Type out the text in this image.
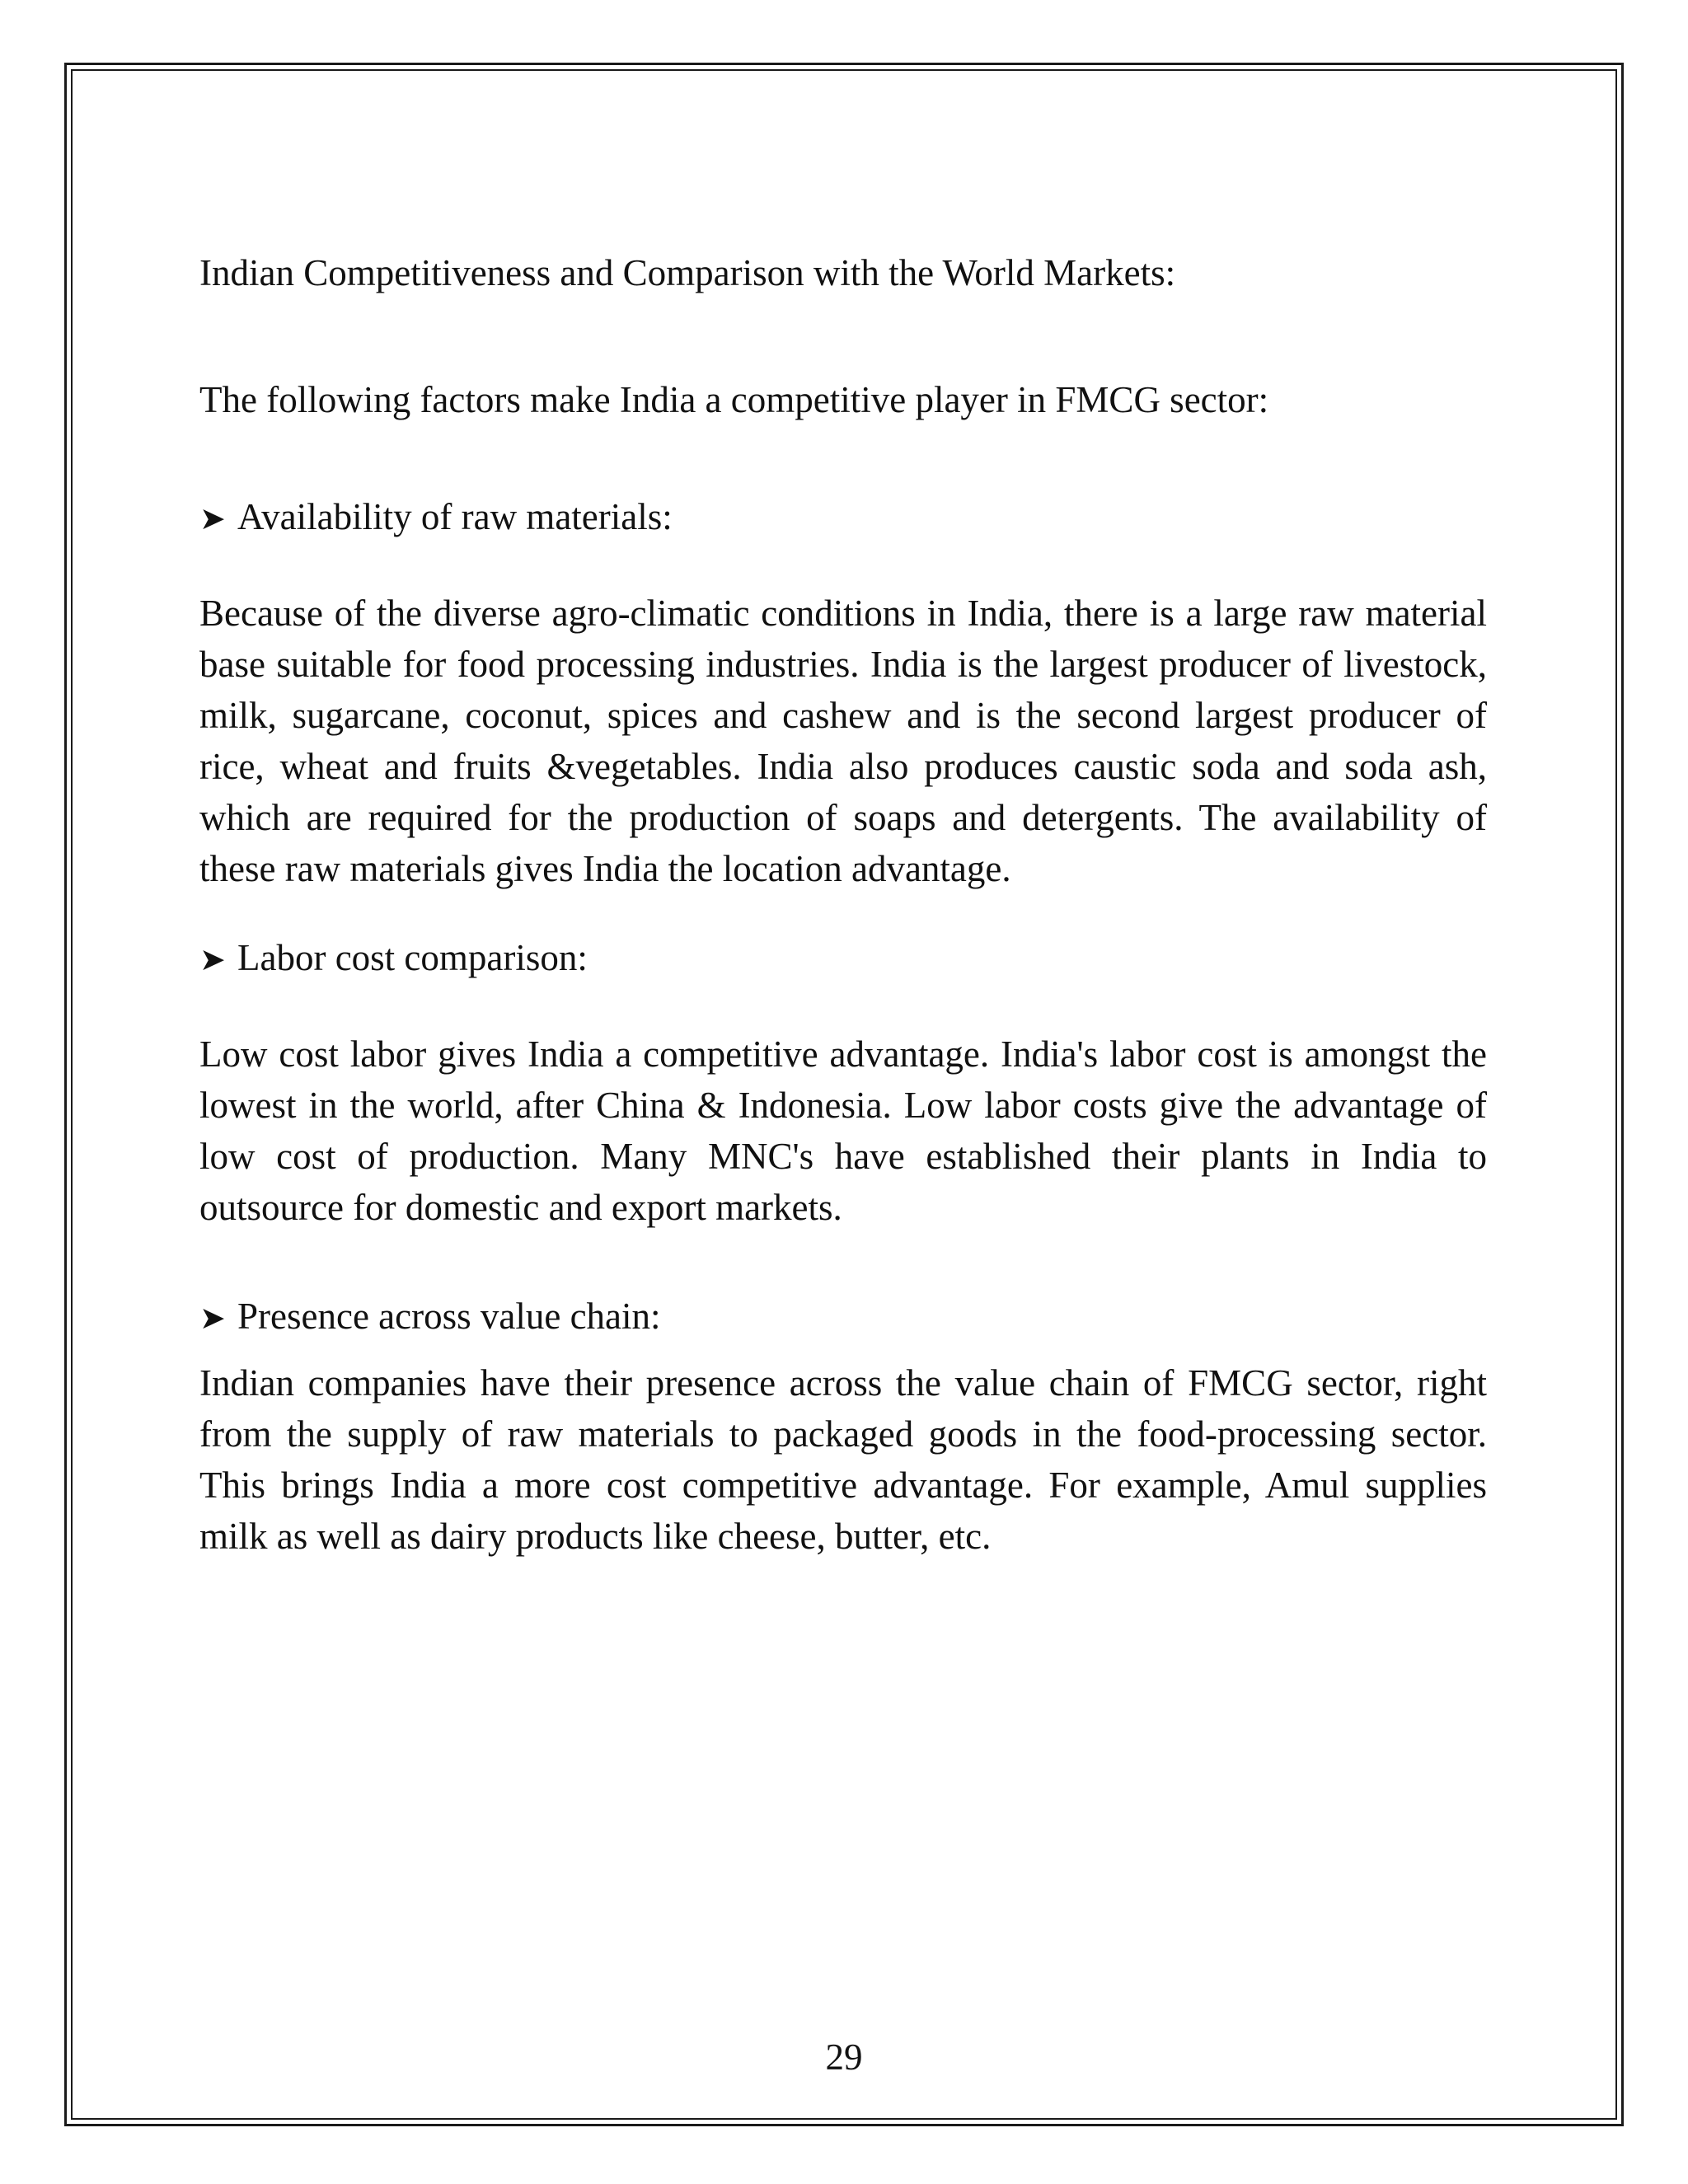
Indian Competitiveness and Comparison with the World Markets:

The following factors make India a competitive player in FMCG sector:

➤ Availability of raw materials:

Because of the diverse agro-climatic conditions in India, there is a large raw material base suitable for food processing industries. India is the largest producer of livestock, milk, sugarcane, coconut, spices and cashew and is the second largest producer of rice, wheat and fruits &vegetables. India also produces caustic soda and soda ash, which are required for the production of soaps and detergents. The availability of these raw materials gives India the location advantage.

➤ Labor cost comparison:

Low cost labor gives India a competitive advantage. India's labor cost is amongst the lowest in the world, after China & Indonesia. Low labor costs give the advantage of low cost of production. Many MNC's have established their plants in India to outsource for domestic and export markets.

➤ Presence across value chain:

Indian companies have their presence across the value chain of FMCG sector, right from the supply of raw materials to packaged goods in the food-processing sector. This brings India a more cost competitive advantage. For example, Amul supplies milk as well as dairy products like cheese, butter, etc.

29
